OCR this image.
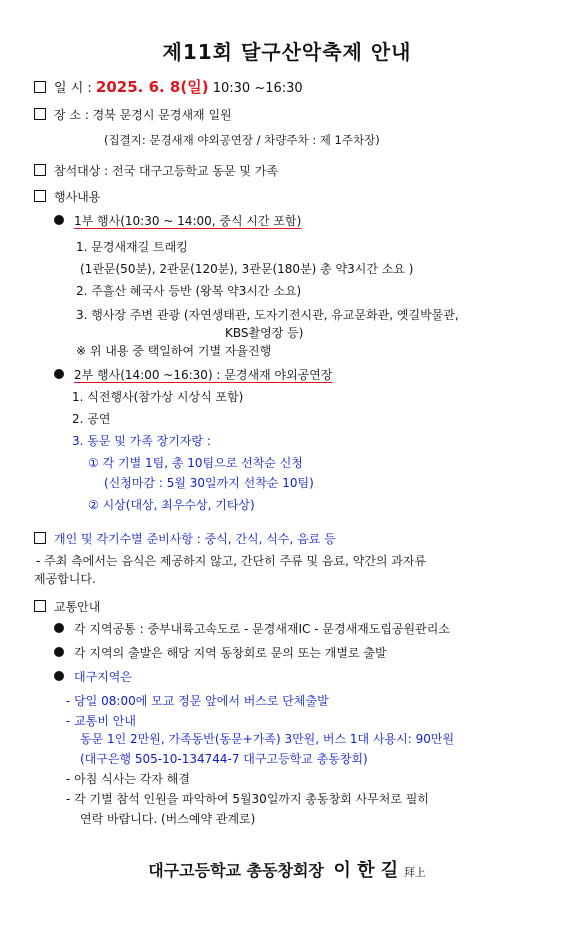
제11회 달구산악축제 안내
일 시 : 2025. 6. 8(일) 10:30 ~16:30
장 소 : 경북 문경시 문경새재 일원
(집결지: 문경새재 야외공연장 / 차량주차 : 제 1주차장)
참석대상 : 전국 대구고등학교 동문 및 가족
행사내용
1부 행사(10:30 ~ 14:00, 중식 시간 포함)
1. 문경새재길 트래킹
(1관문(50분), 2관문(120분), 3관문(180분) 총 약3시간 소요 )
2. 주흘산 혜국사 등반 (왕복 약3시간 소요)
3. 행사장 주변 관광 (자연생태관, 도자기전시관, 유교문화관, 옛길박물관,
KBS촬영장 등)
※ 위 내용 중 택일하여 기별 자율진행
2부 행사(14:00 ~16:30) : 문경새재 야외공연장
1. 식전행사(참가상 시상식 포함)
2. 공연
3. 동문 및 가족 장기자랑 :
① 각 기별 1팀, 총 10팀으로 선착순 신청
(신청마감 : 5월 30일까지 선착순 10팀)
② 시상(대상, 최우수상, 기타상)
개인 및 각기수별 준비사항 : 중식, 간식, 식수, 음료 등
- 주최 측에서는 음식은 제공하지 않고, 간단히 주류 및 음료, 약간의 과자류
제공합니다.
교통안내
각 지역공통 : 중부내륙고속도로 - 문경새재IC - 문경새재도립공원관리소
각 지역의 출발은 해당 지역 동창회로 문의 또는 개별로 출발
대구지역은
- 당일 08:00에 모교 정문 앞에서 버스로 단체출발
- 교통비 안내
동문 1인 2만원, 가족동반(동문+가족) 3만원, 버스 1대 사용시: 90만원
(대구은행 505-10-134744-7 대구고등학교 총동창회)
- 아침 식사는 각자 해결
- 각 기별 참석 인원을 파악하여 5월30일까지 총동창회 사무처로 필히
연락 바랍니다. (버스예약 관계로)
대구고등학교 총동창회장 이 한 길 拜上
